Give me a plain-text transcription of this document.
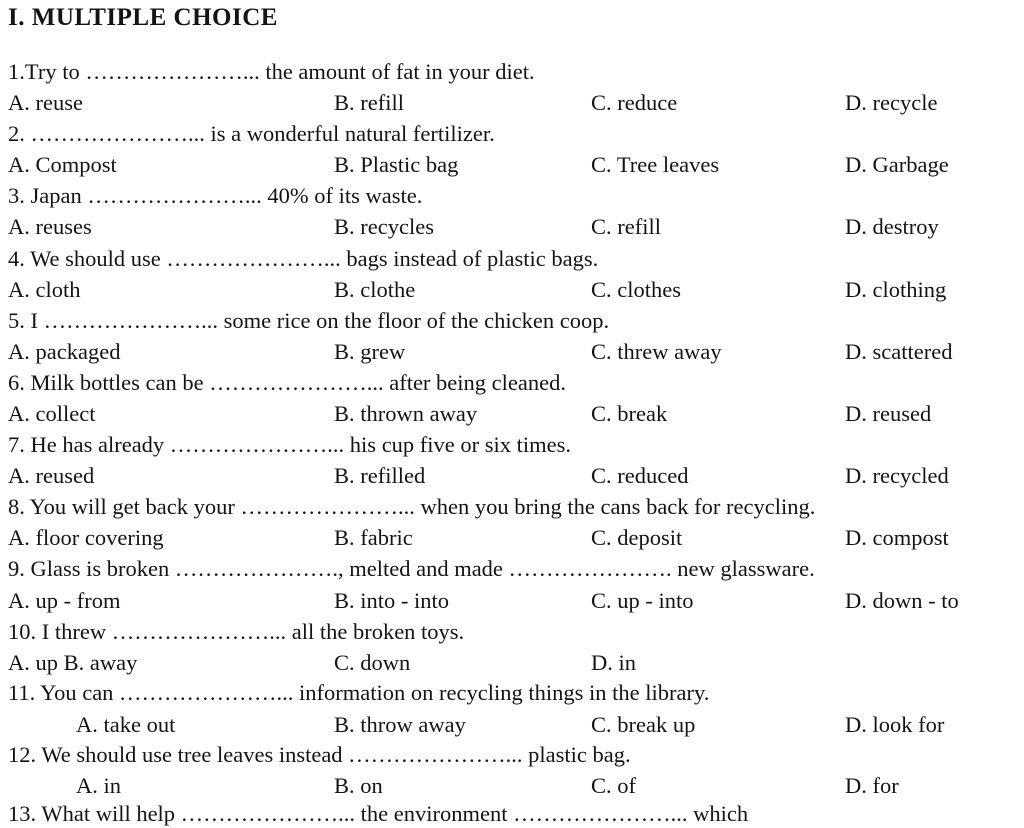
I. MULTIPLE CHOICE
1.Try to …………………... the amount of fat in your diet.
A. reuse	B. refill	C. reduce	D. recycle
2. …………………... is a wonderful natural fertilizer.
A. Compost	B. Plastic bag	C. Tree leaves	D. Garbage
3. Japan …………………... 40% of its waste.
A. reuses	B. recycles	C. refill	D. destroy
4. We should use …………………... bags instead of plastic bags.
A. cloth	B. clothe	C. clothes	D. clothing
5. I …………………... some rice on the floor of the chicken coop.
A. packaged	B. grew	C. threw away	D. scattered
6. Milk bottles can be …………………... after being cleaned.
A. collect	B. thrown away	C. break	D. reused
7. He has already …………………... his cup five or six times.
A. reused	B. refilled	C. reduced	D. recycled
8. You will get back your …………………... when you bring the cans back for recycling.
A. floor covering	B. fabric	C. deposit	D. compost
9. Glass is broken …………………., melted and made …………………. new glassware.
A. up - from	B. into - into	C. up - into	D. down - to
10. I threw …………………... all the broken toys.
A. up B. away	C. down	D. in
11. You can …………………... information on recycling things in the library.
A. take out	B. throw away	C. break up	D. look for
12. We should use tree leaves instead …………………... plastic bag.
A. in	B. on	C. of	D. for
13. What will help …………………... the environment …………………... which
